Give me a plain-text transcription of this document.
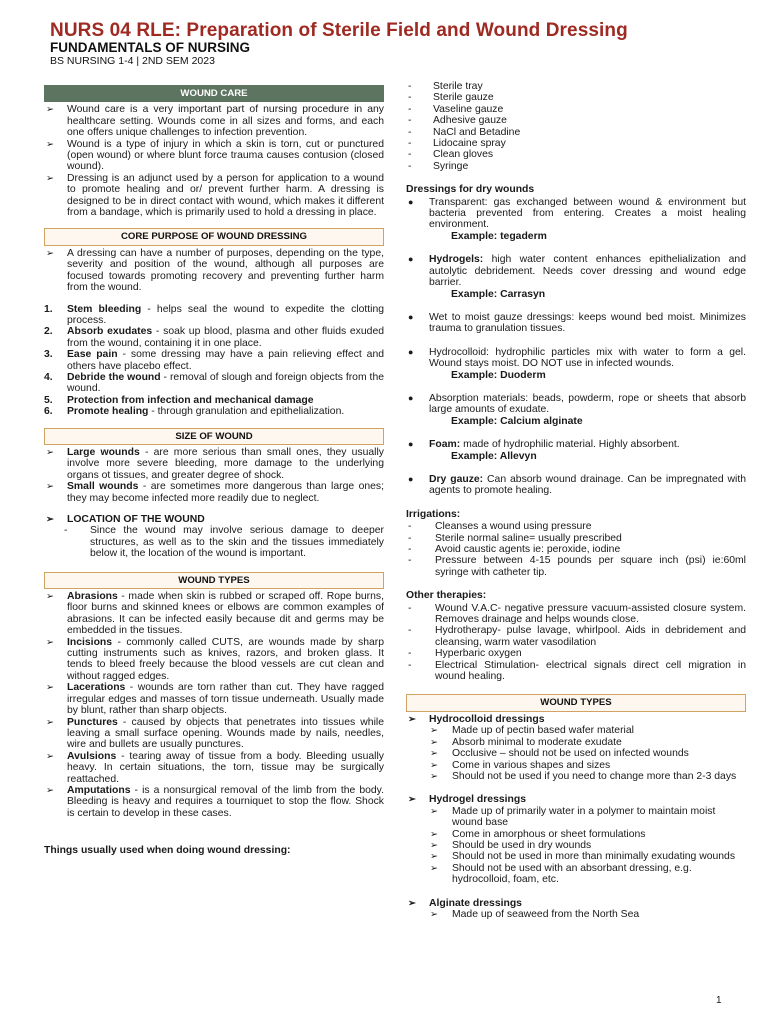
NURS 04 RLE: Preparation of Sterile Field and Wound Dressing
FUNDAMENTALS OF NURSING
BS NURSING 1-4 | 2ND SEM 2023
WOUND CARE
➢ Wound care is a very important part of nursing procedure in any healthcare setting. Wounds come in all sizes and forms, and each one offers unique challenges to infection prevention.
➢ Wound is a type of injury in which a skin is torn, cut or punctured (open wound) or where blunt force trauma causes contusion (closed wound).
➢ Dressing is an adjunct used by a person for application to a wound to promote healing and or/ prevent further harm. A dressing is designed to be in direct contact with wound, which makes it different from a bandage, which is primarily used to hold a dressing in place.
CORE PURPOSE OF WOUND DRESSING
➢ A dressing can have a number of purposes, depending on the type, severity and position of the wound, although all purposes are focused towards promoting recovery and preventing further harm from the wound.
1. Stem bleeding - helps seal the wound to expedite the clotting process.
2. Absorb exudates - soak up blood, plasma and other fluids exuded from the wound, containing it in one place.
3. Ease pain - some dressing may have a pain relieving effect and others have placebo effect.
4. Debride the wound - removal of slough and foreign objects from the wound.
5. Protection from infection and mechanical damage
6. Promote healing - through granulation and epithelialization.
SIZE OF WOUND
➢ Large wounds - are more serious than small ones, they usually involve more severe bleeding, more damage to the underlying organs ot tissues, and greater degree of shock.
➢ Small wounds - are sometimes more dangerous than large ones; they may become infected more readily due to neglect.
➢ LOCATION OF THE WOUND
- Since the wound may involve serious damage to deeper structures, as well as to the skin and the tissues immediately below it, the location of the wound is important.
WOUND TYPES
➢ Abrasions - made when skin is rubbed or scraped off. Rope burns, floor burns and skinned knees or elbows are common examples of abrasions. It can be infected easily because dit and germs may be embedded in the tissues.
➢ Incisions - commonly called CUTS, are wounds made by sharp cutting instruments such as knives, razors, and broken glass. It tends to bleed freely because the blood vessels are cut clean and without ragged edges.
➢ Lacerations - wounds are torn rather than cut. They have ragged irregular edges and masses of torn tissue underneath. Usually made by blunt, rather than sharp objects.
➢ Punctures - caused by objects that penetrates into tissues while leaving a small surface opening. Wounds made by nails, needles, wire and bullets are usually punctures.
➢ Avulsions - tearing away of tissue from a body. Bleeding usually heavy. In certain situations, the torn, tissue may be surgically reattached.
➢ Amputations - is a nonsurgical removal of the limb from the body. Bleeding is heavy and requires a tourniquet to stop the flow. Shock is certain to develop in these cases.
Things usually used when doing wound dressing:
- Sterile tray
- Sterile gauze
- Vaseline gauze
- Adhesive gauze
- NaCl and Betadine
- Lidocaine spray
- Clean gloves
- Syringe
Dressings for dry wounds
● Transparent: gas exchanged between wound & environment but bacteria prevented from entering. Creates a moist healing environment.
Example: tegaderm
● Hydrogels: high water content enhances epithelialization and autolytic debridement. Needs cover dressing and wound edge barrier.
Example: Carrasyn
● Wet to moist gauze dressings: keeps wound bed moist. Minimizes trauma to granulation tissues.
● Hydrocolloid: hydrophilic particles mix with water to form a gel. Wound stays moist. DO NOT use in infected wounds.
Example: Duoderm
● Absorption materials: beads, powderm, rope or sheets that absorb large amounts of exudate.
Example: Calcium alginate
● Foam: made of hydrophilic material. Highly absorbent.
Example: Allevyn
● Dry gauze: Can absorb wound drainage. Can be impregnated with agents to promote healing.
Irrigations:
- Cleanses a wound using pressure
- Sterile normal saline= usually prescribed
- Avoid caustic agents ie: peroxide, iodine
- Pressure between 4-15 pounds per square inch (psi) ie:60ml syringe with catheter tip.
Other therapies:
- Wound V.A.C- negative pressure vacuum-assisted closure system. Removes drainage and helps wounds close.
- Hydrotherapy- pulse lavage, whirlpool. Aids in debridement and cleansing, warm water vasodilation
- Hyperbaric oxygen
- Electrical Stimulation- electrical signals direct cell migration in wound healing.
WOUND TYPES
➢ Hydrocolloid dressings
➢ Made up of pectin based wafer material
➢ Absorb minimal to moderate exudate
➢ Occlusive – should not be used on infected wounds
➢ Come in various shapes and sizes
➢ Should not be used if you need to change more than 2-3 days
➢ Hydrogel dressings
➢ Made up of primarily water in a polymer to maintain moist wound base
➢ Come in amorphous or sheet formulations
➢ Should be used in dry wounds
➢ Should not be used in more than minimally exudating wounds
➢ Should not be used with an absorbant dressing, e.g. hydrocolloid, foam, etc.
➢ Alginate dressings
➢ Made up of seaweed from the North Sea
1
